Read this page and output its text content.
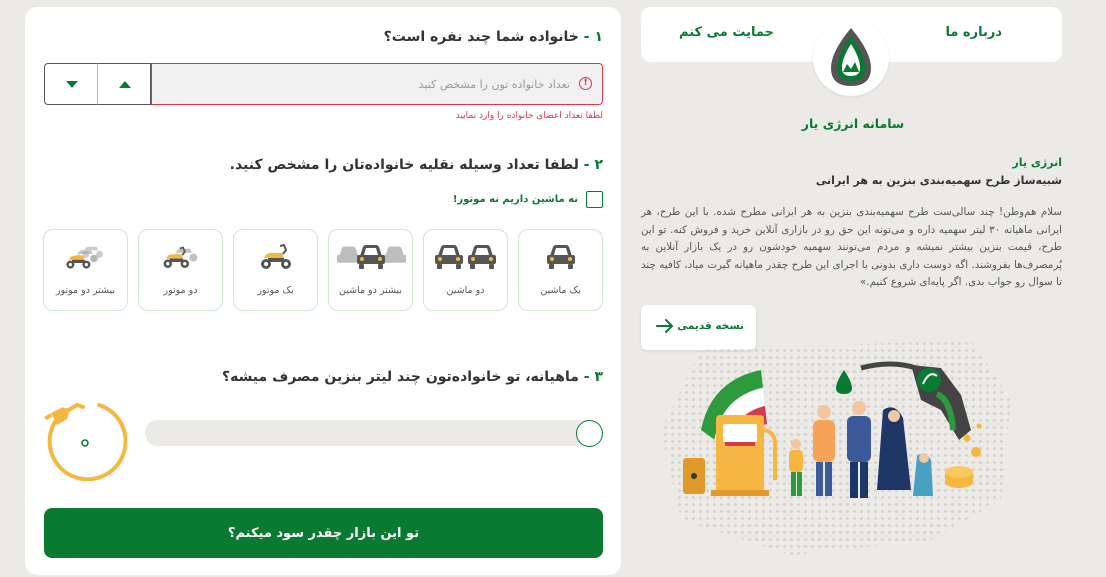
۱ - خانواده شما چند نفره است؟
تعداد خانواده تون را مشخص کنید
!
لطفا تعداد اعضای خانواده را وارد نمایید
۲ - لطفا تعداد وسیله نقلیه خانواده‌تان را مشخص کنید.
نه ماشین داریم نه موتور!
یک ماشین
دو ماشین
بیشتر دو ماشین
یک موتور
دو موتور
بیشتر دو موتور
۳ - ماهیانه، تو خانواده‌تون چند لیتر بنزین مصرف میشه؟
تو این بازار چقدر سود میکنم؟
درباره ما
حمایت می کنم
سامانه انرژی یار
انرژی یار
شبیه‌ساز طرح سهمیه‌بندی بنزین به هر ایرانی
سلام هم‌وطن! چند سالی‌ست طرح سهمیه‌بندی بنزین به هر ایرانی مطرح شده. با این طرح، هر ایرانی ماهیانه ۳۰ لیتر سهمیه داره و می‌تونه این حق رو در بازاری آنلاین خرید و فروش کنه. تو این طرح، قیمت بنزین بیشتر نمیشه و مردم می‌تونند سهمیه خودشون رو در یک بازار آنلاین به پُرمصرف‌ها بفروشند. اگه دوست داری بدونی با اجرای این طرح چقدر ماهیانه گیرت میاد، کافیه چند تا سوال رو جواب بدی. اگر پایه‌ای شروع کنیم.»
نسخه قدیمی
